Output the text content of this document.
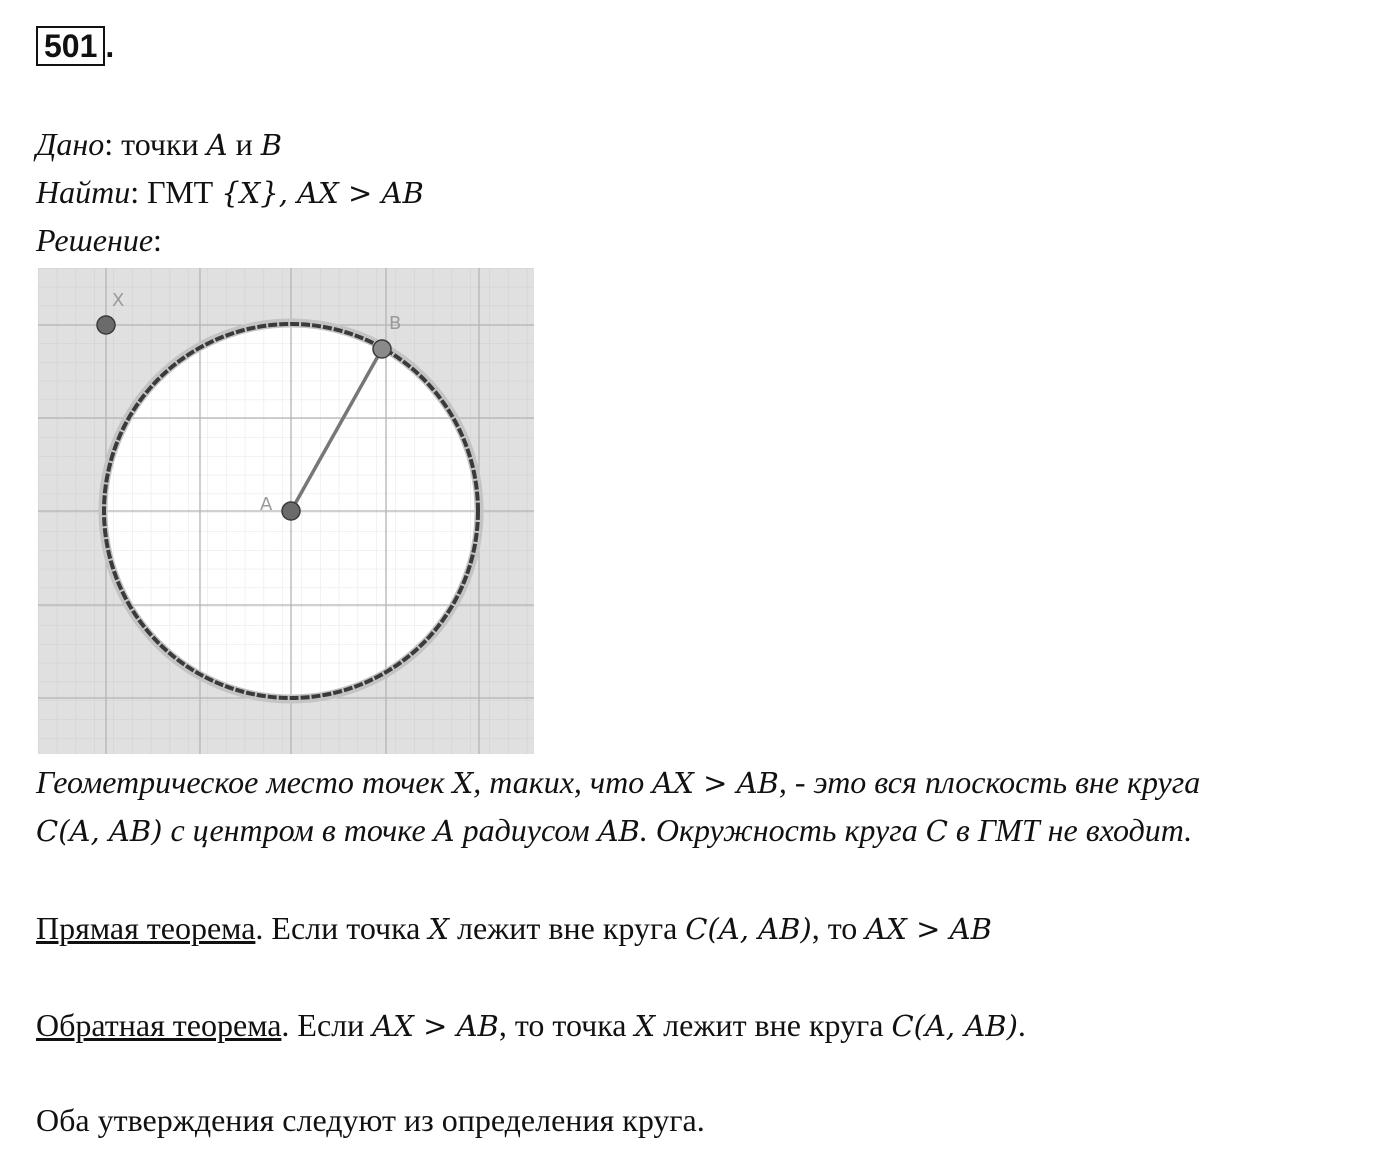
501 .
Дано: точки A и B
Найти: ГМТ {X}, AX > AB
Решение:
X
B
A
Геометрическое место точек X, таких, что AX > AB, - это вся плоскость вне круга
C(A, AB) с центром в точке A радиусом AB. Окружность круга C в ГМТ не входит.
Прямая теорема. Если точка X лежит вне круга C(A, AB), то AX > AB
Обратная теорема. Если AX > AB, то точка X лежит вне круга C(A, AB).
Оба утверждения следуют из определения круга.
